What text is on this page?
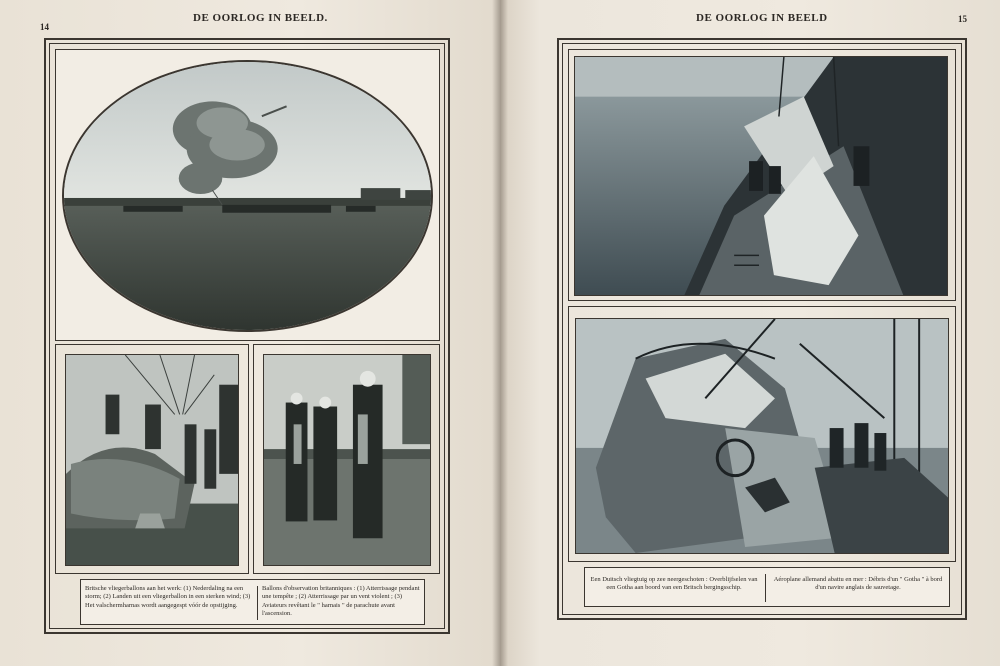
14
DE OORLOG IN BEELD.
Britsche vliegerballons aan het werk: (1) Nederdaling na een storm; (2) Landen uit een vliegerballon in een sterken wind; (3) Het valschermharnas wordt aangegespt vóór de opstijging.
Ballons d'observation britanniques : (1) Atterrissage pendant une tempête ; (2) Atterrissage par un vent violent ; (3) Aviateurs revêtant le " harnais " de parachute avant l'ascension.
DE OORLOG IN BEELD	15
Een Duitsch vliegtuig op zee neergeschoten : Overblijfselen van een Gotha aan boord van een Britsch bergingsschip.
Aéroplane allemand abattu en mer : Débris d'un " Gotha " à bord d'un navire anglais de sauvetage.
